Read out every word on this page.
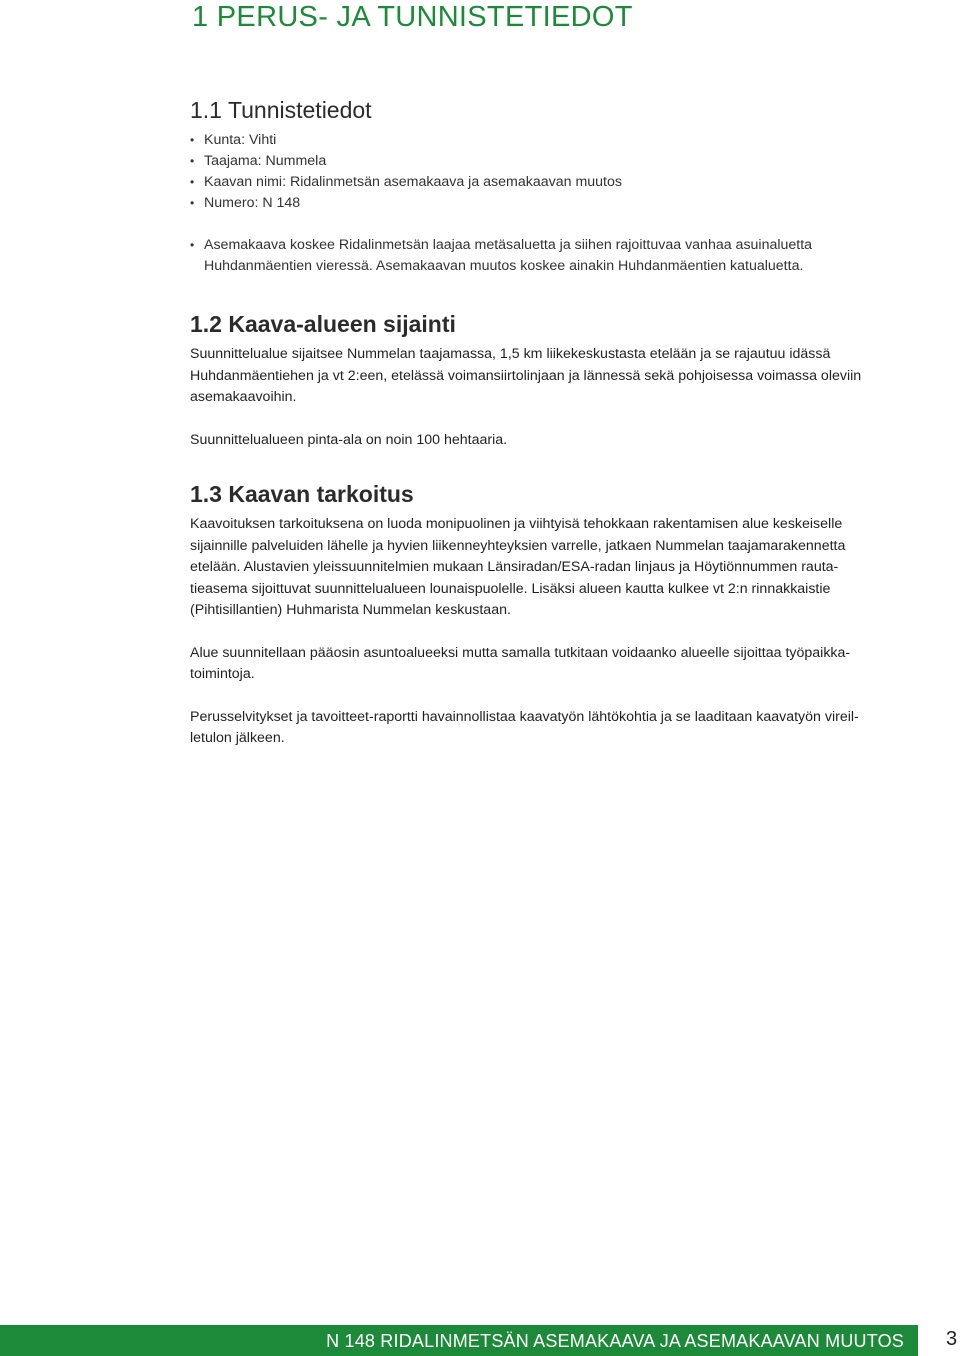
1 PERUS- JA TUNNISTETIEDOT
1.1 Tunnistetiedot
• Kunta: Vihti
• Taajama: Nummela
• Kaavan nimi: Ridalinmetsän asemakaava ja asemakaavan muutos
• Numero: N 148
• Asemakaava koskee Ridalinmetsän laajaa metäsaluetta ja siihen rajoittuvaa vanhaa asuinaluetta
Huhdanmäentien vieressä. Asemakaavan muutos koskee ainakin Huhdanmäentien katualuetta.
1.2 Kaava-alueen sijainti

Suunnittelualue sijaitsee Nummelan taajamassa, 1,5 km liikekeskustasta etelään ja se rajautuu idässä
Huhdanmäentiehen ja vt 2:een, etelässä voimansiirtolinjaan ja lännessä sekä pohjoisessa voimassa oleviin
asemakaavoihin.

Suunnittelualueen pinta-ala on noin 100 hehtaaria.

1.3 Kaavan tarkoitus

Kaavoituksen tarkoituksena on luoda monipuolinen ja viihtyisä tehokkaan rakentamisen alue keskeiselle
sijainnille palveluiden lähelle ja hyvien liikenneyhteyksien varrelle, jatkaen Nummelan taajamarakennetta
etelään. Alustavien yleissuunnitelmien mukaan Länsiradan/ESA-radan linjaus ja Höytiönnummen rauta-
tieasema sijoittuvat suunnittelualueen lounaispuolelle. Lisäksi alueen kautta kulkee vt 2:n rinnakkaistie
(Pihtisillantien) Huhmarista Nummelan keskustaan.

Alue suunnitellaan pääosin asuntoalueeksi mutta samalla tutkitaan voidaanko alueelle sijoittaa työpaikka-
toimintoja.

Perusselvitykset ja tavoitteet-raportti havainnollistaa kaavatyön lähtökohtia ja se laaditaan kaavatyön vireil-
letulon jälkeen.

N 148 RIDALINMETSÄN ASEMAKAAVA JA ASEMAKAAVAN MUUTOS 3
